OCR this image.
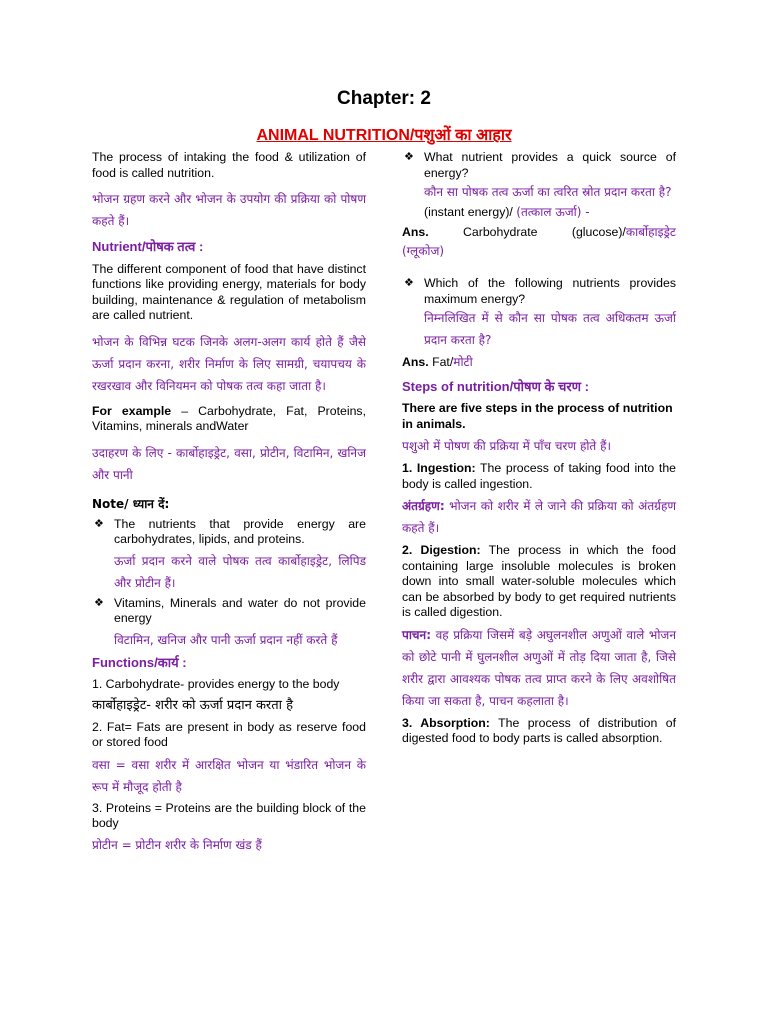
Chapter: 2
ANIMAL NUTRITION/पशुओं का आहार

The process of intaking the food & utilization of food is called nutrition.

भोजन ग्रहण करने और भोजन के उपयोग की प्रक्रिया को पोषण कहते हैं।

Nutrient/पोषक तत्व :

The different component of food that have distinct functions like providing energy, materials for body building, maintenance & regulation of metabolism are called nutrient.

भोजन के विभिन्न घटक जिनके अलग-अलग कार्य होते हैं जैसे ऊर्जा प्रदान करना, शरीर निर्माण के लिए सामग्री, चयापचय के रखरखाव और विनियमन को पोषक तत्व कहा जाता है।

For example – Carbohydrate, Fat, Proteins, Vitamins, minerals andWater

उदाहरण के लिए - कार्बोहाइड्रेट, वसा, प्रोटीन, विटामिन, खनिज और पानी

Note/ ध्यान दें:
❖ The nutrients that provide energy are carbohydrates, lipids, and proteins.

ऊर्जा प्रदान करने वाले पोषक तत्व कार्बोहाइड्रेट, लिपिड और प्रोटीन हैं।

❖ Vitamins, Minerals and water do not provide energy

विटामिन, खनिज और पानी ऊर्जा प्रदान नहीं करते हैं

Functions/कार्य :

1. Carbohydrate- provides energy to the body

कार्बोहाइड्रेट- शरीर को ऊर्जा प्रदान करता है

2. Fat= Fats are present in body as reserve food or stored food

वसा = वसा शरीर में आरक्षित भोजन या भंडारित भोजन के रूप में मौजूद होती है

3. Proteins = Proteins are the building block of the body

प्रोटीन = प्रोटीन शरीर के निर्माण खंड हैं

❖ What nutrient provides a quick source of energy?

कौन सा पोषक तत्व ऊर्जा का त्वरित स्रोत प्रदान करता है?

(instant energy)/ (तत्काल ऊर्जा) -

Ans.	Carbohydrate	(glucose)/कार्बोहाइड्रेट

(ग्लूकोज)

❖ Which of the following nutrients provides maximum energy?

निम्नलिखित में से कौन सा पोषक तत्व अधिकतम ऊर्जा प्रदान करता है?

Ans. Fat/मोटी

Steps of nutrition/पोषण के चरण :

There are five steps in the process of nutrition in animals.

पशुओ में पोषण की प्रक्रिया में पाँच चरण होते हैं।

1. Ingestion: The process of taking food into the body is called ingestion.

अंतर्ग्रहण: भोजन को शरीर में ले जाने की प्रक्रिया को अंतर्ग्रहण कहते हैं।

2. Digestion: The process in which the food containing large insoluble molecules is broken down into small water-soluble molecules which can be absorbed by body to get required nutrients is called digestion.

पाचन: वह प्रक्रिया जिसमें बड़े अघुलनशील अणुओं वाले भोजन को छोटे पानी में घुलनशील अणुओं में तोड़ दिया जाता है, जिसे शरीर द्वारा आवश्यक पोषक तत्व प्राप्त करने के लिए अवशोषित किया जा सकता है, पाचन कहलाता है।

3. Absorption: The process of distribution of digested food to body parts is called absorption.
